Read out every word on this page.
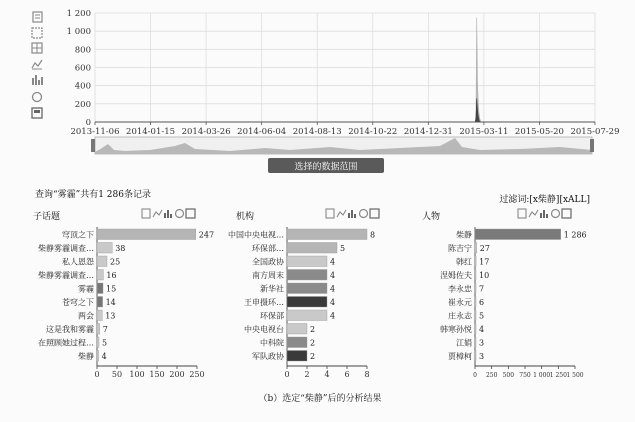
0
200
400
600
800
1 000
1 200
2013-11-06 2014-01-15 2014-03-26 2014-06-04 2014-08-13 2014-10-22 2014-12-31 2015-03-11 2015-05-20 2015-07-29
选择的数据范围
查询“雾霾”共有1 286条记录	过滤词:[x柴静][xALL]
子话题
0 50 100 150 200 250
穹顶之下	247
柴静雾霾调查…	38
私人恩怨 25
柴静雾霾调查… 16
雾霾 15
苍穹之下 14
两会 13
这是我和雾霾 7
在照顾她过程… 5
柴静 4
机构
0 2 4 6 8
中国中央电视…	8
环保部…	5
全国政协	4
南方周末	4
新华社	4
王申摄环…	4
环保部	4
中央电视台	2
中科院	2
军队政协	2
人物
0 250 500 750 1 000 1 250 1 500
柴静	1 286
陈吉宁 27
韩红 17
涅姆佐夫 10
李永忠 7
崔永元 6
庄永志 5
韩寒孙悦 4
江娟 3
贾樟柯 3
（b）选定“柴静”后的分析结果
